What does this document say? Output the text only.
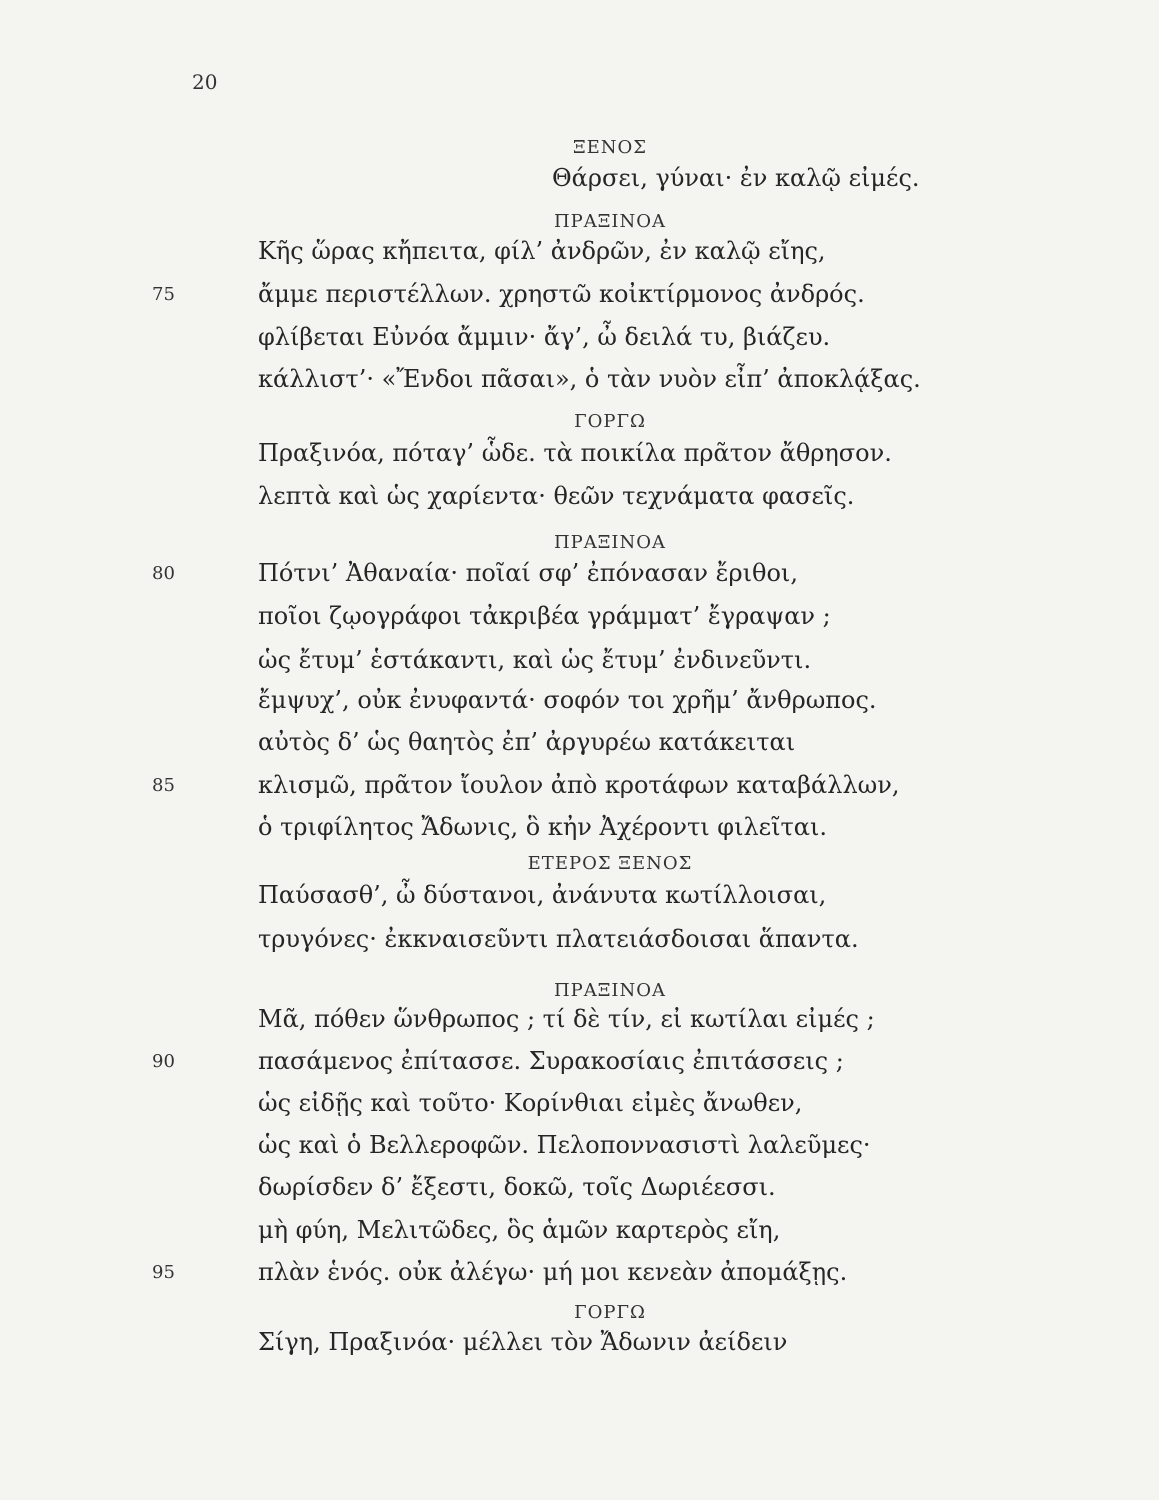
20
ΞΕΝΟΣ
Θάρσει, γύναι· ἐν καλῷ εἰμές.
ΠΡΑΞΙΝΟΑ
Κῆς ὥρας κἤπειτα, φίλ’ ἀνδρῶν, ἐν καλῷ εἴης,
ἄμμε περιστέλλων. χρηστῶ κοἰκτίρμονος ἀνδρός.
75
φλίβεται Εὐνόα ἄμμιν· ἄγ’, ὦ δειλά τυ, βιάζευ.
κάλλιστ’· «Ἔνδοι πᾶσαι», ὁ τὰν νυὸν εἶπ’ ἀποκλᾴξας.
ΓΟΡΓΩ
Πραξινόα, πόταγ’ ὧδε. τὰ ποικίλα πρᾶτον ἄθρησον.
λεπτὰ καὶ ὡς χαρίεντα· θεῶν τεχνάματα φασεῖς.
ΠΡΑΞΙΝΟΑ
Πότνι’ Ἀθαναία· ποῖαί σφ’ ἐπόνασαν ἔριθοι,
80
ποῖοι ζῳογράφοι τἀκριβέα γράμματ’ ἔγραψαν ;
ὡς ἔτυμ’ ἑστάκαντι, καὶ ὡς ἔτυμ’ ἐνδινεῦντι.
ἔμψυχ’, οὐκ ἐνυφαντά· σοφόν τοι χρῆμ’ ἄνθρωπος.
αὐτὸς δ’ ὡς θαητὸς ἐπ’ ἀργυρέω κατάκειται
κλισμῶ, πρᾶτον ἴουλον ἀπὸ κροτάφων καταβάλλων,
85
ὁ τριφίλητος Ἄδωνις, ὃ κἠν Ἀχέροντι φιλεῖται.
ΕΤΕΡΟΣ ΞΕΝΟΣ
Παύσασθ’, ὦ δύστανοι, ἀνάνυτα κωτίλλοισαι,
τρυγόνες· ἐκκναισεῦντι πλατειάσδοισαι ἅπαντα.
ΠΡΑΞΙΝΟΑ
Μᾶ, πόθεν ὥνθρωπος ; τί δὲ τίν, εἰ κωτίλαι εἰμές ;
πασάμενος ἐπίτασσε. Συρακοσίαις ἐπιτάσσεις ;
90
ὡς εἰδῇς καὶ τοῦτο· Κορίνθιαι εἰμὲς ἄνωθεν,
ὡς καὶ ὁ Βελλεροφῶν. Πελοποννασιστὶ λαλεῦμες·
δωρίσδεν δ’ ἔξεστι, δοκῶ, τοῖς Δωριέεσσι.
μὴ φύη, Μελιτῶδες, ὃς ἁμῶν καρτερὸς εἴη,
πλὰν ἑνός. οὐκ ἀλέγω· μή μοι κενεὰν ἀπομάξῃς.
95
ΓΟΡΓΩ
Σίγη, Πραξινόα· μέλλει τὸν Ἄδωνιν ἀείδειν
